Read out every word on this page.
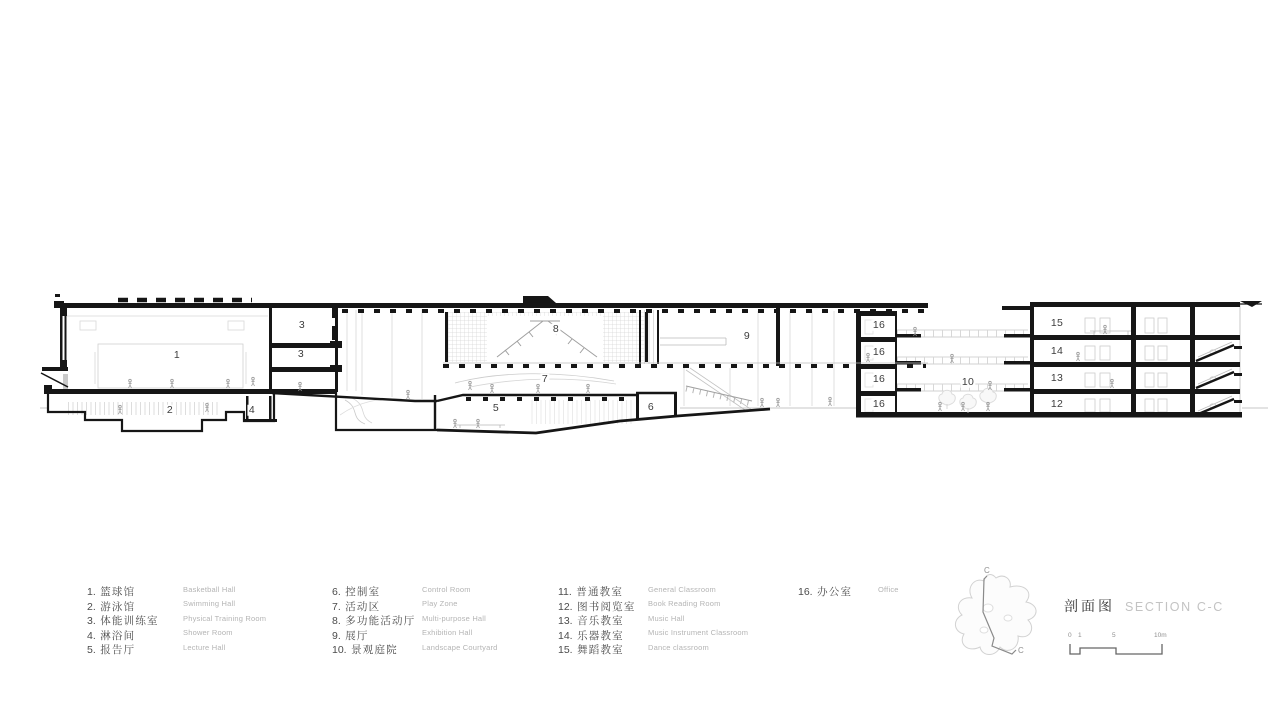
1
2
3
3
4	5	6
7
8
9
10
16
16
16
16
15
14
13
12
1. 篮球馆	Basketball Hall
2. 游泳馆	Swimming Hall
3. 体能训练室	Physical Training Room
4. 淋浴间	Shower Room
5. 报告厅	Lecture Hall
6. 控制室	Control Room
7. 活动区	Play Zone
8. 多功能活动厅 Multi-purpose Hall
9. 展厅	Exhibition Hall
10. 景观庭院	Landscape Courtyard
11. 普通教室	General Classroom
12. 图书阅览室 Book Reading Room
13. 音乐教室	Music Hall
14. 乐器教室	Music Instrument Classroom
15. 舞蹈教室	Dance classroom
16. 办公室	Office
C
C
剖面图 SECTION C-C
0 1	5	10m
